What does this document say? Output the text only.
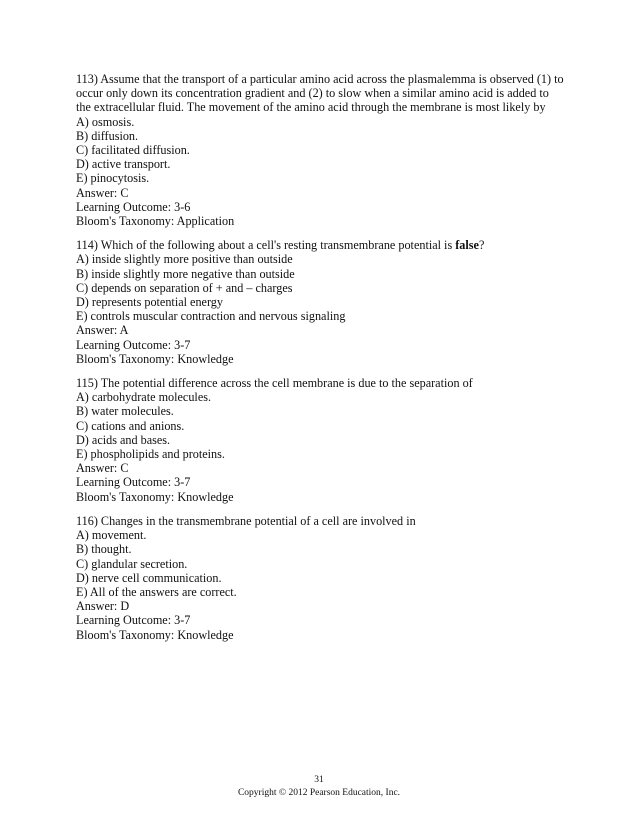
113) Assume that the transport of a particular amino acid across the plasmalemma is observed (1) to occur only down its concentration gradient and (2) to slow when a similar amino acid is added to the extracellular fluid. The movement of the amino acid through the membrane is most likely by
A) osmosis.
B) diffusion.
C) facilitated diffusion.
D) active transport.
E) pinocytosis.
Answer: C
Learning Outcome: 3-6
Bloom's Taxonomy: Application
114) Which of the following about a cell's resting transmembrane potential is false?
A) inside slightly more positive than outside
B) inside slightly more negative than outside
C) depends on separation of + and – charges
D) represents potential energy
E) controls muscular contraction and nervous signaling
Answer: A
Learning Outcome: 3-7
Bloom's Taxonomy: Knowledge
115) The potential difference across the cell membrane is due to the separation of
A) carbohydrate molecules.
B) water molecules.
C) cations and anions.
D) acids and bases.
E) phospholipids and proteins.
Answer: C
Learning Outcome: 3-7
Bloom's Taxonomy: Knowledge
116) Changes in the transmembrane potential of a cell are involved in
A) movement.
B) thought.
C) glandular secretion.
D) nerve cell communication.
E) All of the answers are correct.
Answer: D
Learning Outcome: 3-7
Bloom's Taxonomy: Knowledge
31
Copyright © 2012 Pearson Education, Inc.
